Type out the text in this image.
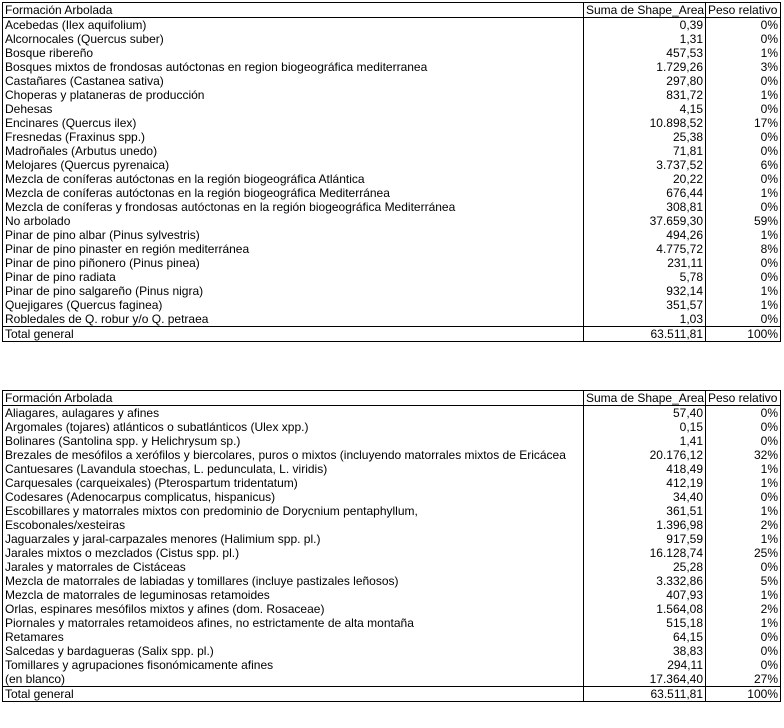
Formación Arbolada	Suma de Shape_Area	Peso relativo
Acebedas (Ilex aquifolium)	0,39	0%
Alcornocales (Quercus suber)	1,31	0%
Bosque ribereño	457,53	1%
Bosques mixtos de frondosas autóctonas en region biogeográfica mediterranea	1.729,26	3%
Castañares (Castanea sativa)	297,80	0%
Choperas y plataneras de producción	831,72	1%
Dehesas	4,15	0%
Encinares (Quercus ilex)	10.898,52	17%
Fresnedas (Fraxinus spp.)	25,38	0%
Madroñales (Arbutus unedo)	71,81	0%
Melojares (Quercus pyrenaica)	3.737,52	6%
Mezcla de coníferas autóctonas en la región biogeográfica Atlántica	20,22	0%
Mezcla de coníferas autóctonas en la región biogeográfica Mediterránea	676,44	1%
Mezcla de coníferas y frondosas autóctonas en la región biogeográfica Mediterránea	308,81	0%
No arbolado	37.659,30	59%
Pinar de pino albar (Pinus sylvestris)	494,26	1%
Pinar de pino pinaster en región mediterránea	4.775,72	8%
Pinar de pino piñonero (Pinus pinea)	231,11	0%
Pinar de pino radiata	5,78	0%
Pinar de pino salgareño (Pinus nigra)	932,14	1%
Quejigares (Quercus faginea)	351,57	1%
Robledales de Q. robur y/o Q. petraea	1,03	0%
Total general	63.511,81	100%
Formación Arbolada	Suma de Shape_Area	Peso relativo
Aliagares, aulagares y afines	57,40	0%
Argomales (tojares) atlánticos o subatlánticos (Ulex xpp.)	0,15	0%
Bolinares (Santolina spp. y Helichrysum sp.)	1,41	0%
Brezales de mesófilos a xerófilos y biercolares, puros o mixtos (incluyendo matorrales mixtos de Ericácea	20.176,12	32%
Cantuesares (Lavandula stoechas, L. pedunculata, L. viridis)	418,49	1%
Carquesales (carqueixales) (Pterospartum tridentatum)	412,19	1%
Codesares (Adenocarpus complicatus, hispanicus)	34,40	0%
Escobillares y matorrales mixtos con predominio de Dorycnium pentaphyllum,	361,51	1%
Escobonales/xesteiras	1.396,98	2%
Jaguarzales y jaral-carpazales menores (Halimium spp. pl.)	917,59	1%
Jarales mixtos o mezclados (Cistus spp. pl.)	16.128,74	25%
Jarales y matorrales de Cistáceas	25,28	0%
Mezcla de matorrales de labiadas y tomillares (incluye pastizales leñosos)	3.332,86	5%
Mezcla de matorrales de leguminosas retamoides	407,93	1%
Orlas, espinares mesófilos mixtos y afines (dom. Rosaceae)	1.564,08	2%
Piornales y matorrales retamoideos afines, no estrictamente de alta montaña	515,18	1%
Retamares	64,15	0%
Salcedas y bardagueras (Salix spp. pl.)	38,83	0%
Tomillares y agrupaciones fisonómicamente afines	294,11	0%
(en blanco)	17.364,40	27%
Total general	63.511,81	100%
